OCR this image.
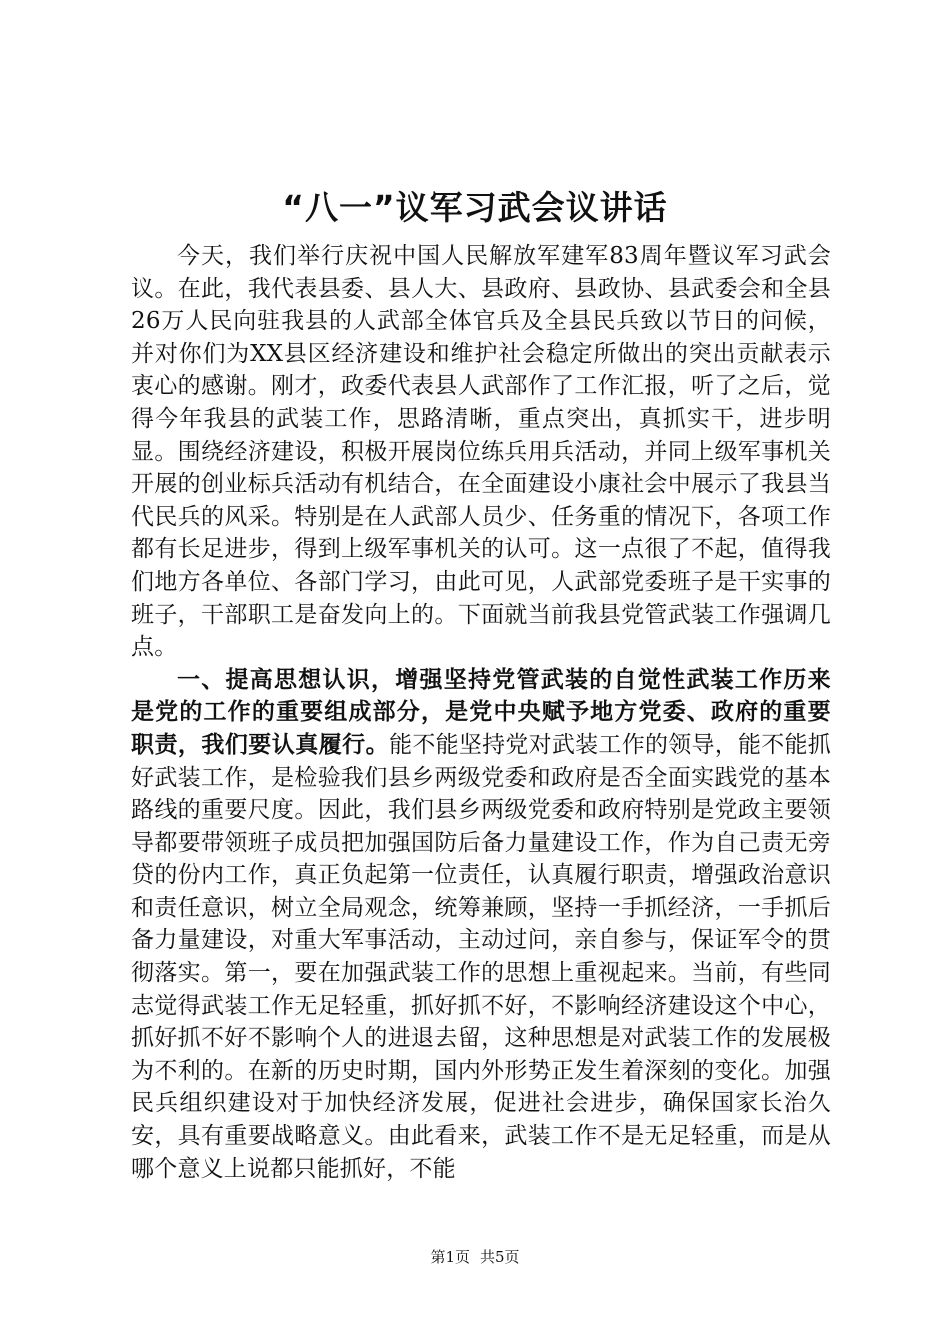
“八一”议军习武会议讲话

今天，我们举行庆祝中国人民解放军建军83周年暨议军习武会议。在此，我代表县委、县人大、县政府、县政协、县武委会和全县26万人民向驻我县的人武部全体官兵及全县民兵致以节日的问候，并对你们为XX县区经济建设和维护社会稳定所做出的突出贡献表示衷心的感谢。刚才，政委代表县人武部作了工作汇报，听了之后，觉得今年我县的武装工作，思路清晰，重点突出，真抓实干，进步明显。围绕经济建设，积极开展岗位练兵用兵活动，并同上级军事机关开展的创业标兵活动有机结合，在全面建设小康社会中展示了我县当代民兵的风采。特别是在人武部人员少、任务重的情况下，各项工作都有长足进步，得到上级军事机关的认可。这一点很了不起，值得我们地方各单位、各部门学习，由此可见，人武部党委班子是干实事的班子，干部职工是奋发向上的。下面就当前我县党管武装工作强调几点。

一、提高思想认识，增强坚持党管武装的自觉性武装工作历来是党的工作的重要组成部分，是党中央赋予地方党委、政府的重要职责，我们要认真履行。能不能坚持党对武装工作的领导，能不能抓好武装工作，是检验我们县乡两级党委和政府是否全面实践党的基本路线的重要尺度。因此，我们县乡两级党委和政府特别是党政主要领导都要带领班子成员把加强国防后备力量建设工作，作为自己责无旁贷的份内工作，真正负起第一位责任，认真履行职责，增强政治意识和责任意识，树立全局观念，统筹兼顾，坚持一手抓经济，一手抓后备力量建设，对重大军事活动，主动过问，亲自参与，保证军令的贯彻落实。第一，要在加强武装工作的思想上重视起来。当前，有些同志觉得武装工作无足轻重，抓好抓不好，不影响经济建设这个中心，抓好抓不好不影响个人的进退去留，这种思想是对武装工作的发展极为不利的。在新的历史时期，国内外形势正发生着深刻的变化。加强民兵组织建设对于加快经济发展，促进社会进步，确保国家长治久安，具有重要战略意义。由此看来，武装工作不是无足轻重，而是从哪个意义上说都只能抓好，不能

第1页 共5页
